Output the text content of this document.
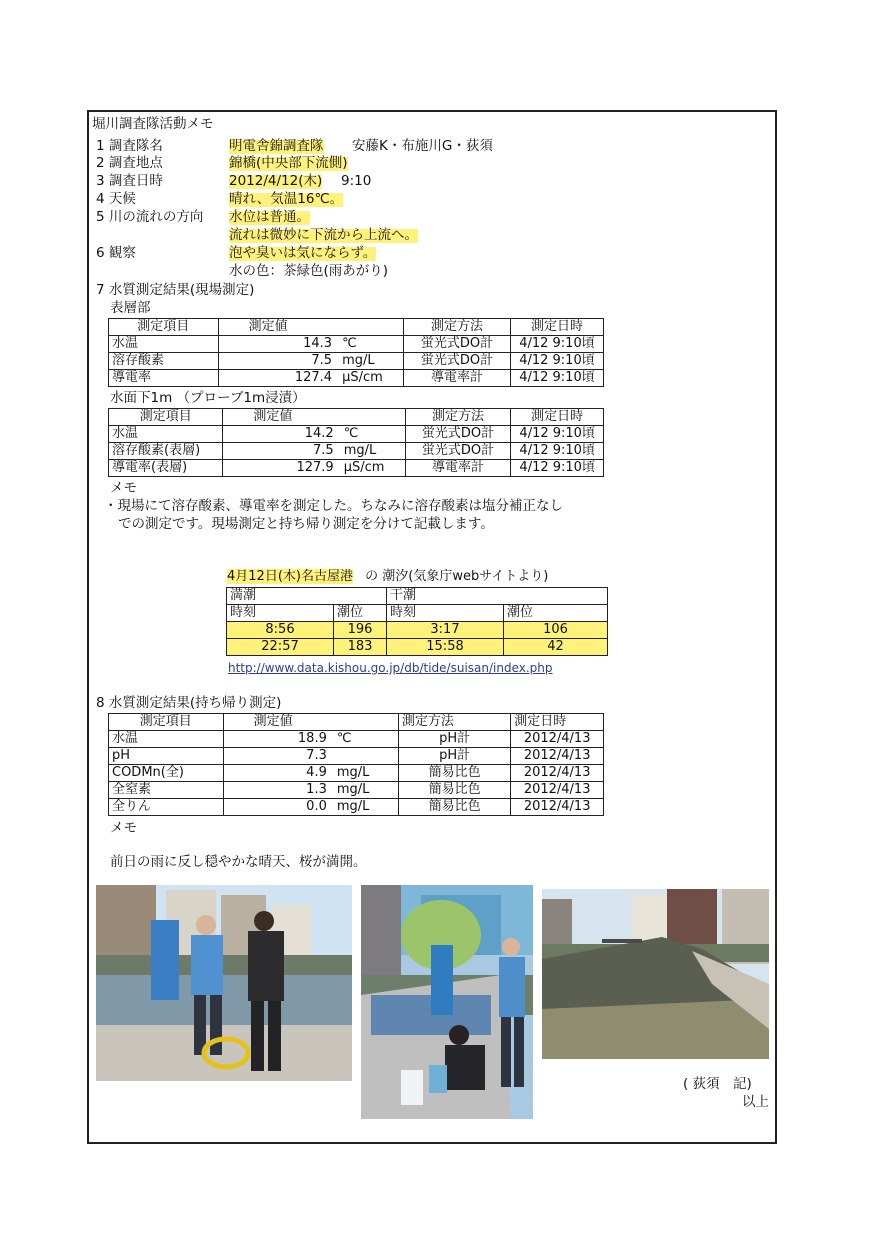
堀川調査隊活動メモ
1 調査隊名	明電舎錦調査隊 安藤K・布施川G・荻須
2 調査地点	錦橋(中央部下流側)
3 調査日時	2012/4/12(木) 9:10
4 天候	晴れ、気温16℃。
5 川の流れの方向 水位は普通。
流れは微妙に下流から上流へ。
6 観察	泡や臭いは気にならず。
水の色：茶緑色(雨あがり)
7 水質測定結果(現場測定)
表層部
測定項目	測定値	測定方法	測定日時
水温	14.3 ℃	蛍光式DO計	4/12 9:10頃
溶存酸素	7.5 mg/L	蛍光式DO計	4/12 9:10頃
導電率	127.4 μS/cm	導電率計	4/12 9:10頃
水面下1m （プローブ1m浸漬）
測定項目	測定値	測定方法	測定日時
水温	14.2 ℃	蛍光式DO計	4/12 9:10頃
溶存酸素(表層)	7.5 mg/L	蛍光式DO計	4/12 9:10頃
導電率(表層)	127.9 μS/cm	導電率計	4/12 9:10頃
メモ
・現場にて溶存酸素、導電率を測定した。ちなみに溶存酸素は塩分補正なし
での測定です。現場測定と持ち帰り測定を分けて記載します。
4月12日(木)名古屋港 の 潮汐(気象庁webサイトより)
満潮		干潮	
時刻	潮位	時刻	潮位
8:56	196	3:17	106
22:57	183	15:58	42
http://www.data.kishou.go.jp/db/tide/suisan/index.php
8 水質測定結果(持ち帰り測定)
測定項目	測定値	測定方法	測定日時
水温	18.9 ℃	pH計	2012/4/13
pH	7.3	pH計	2012/4/13
CODMn(全)	4.9 mg/L	簡易比色	2012/4/13
全窒素	1.3 mg/L	簡易比色	2012/4/13
全りん	0.0 mg/L	簡易比色	2012/4/13
メモ
前日の雨に反し穏やかな晴天、桜が満開。
( 荻須　記)
以上
